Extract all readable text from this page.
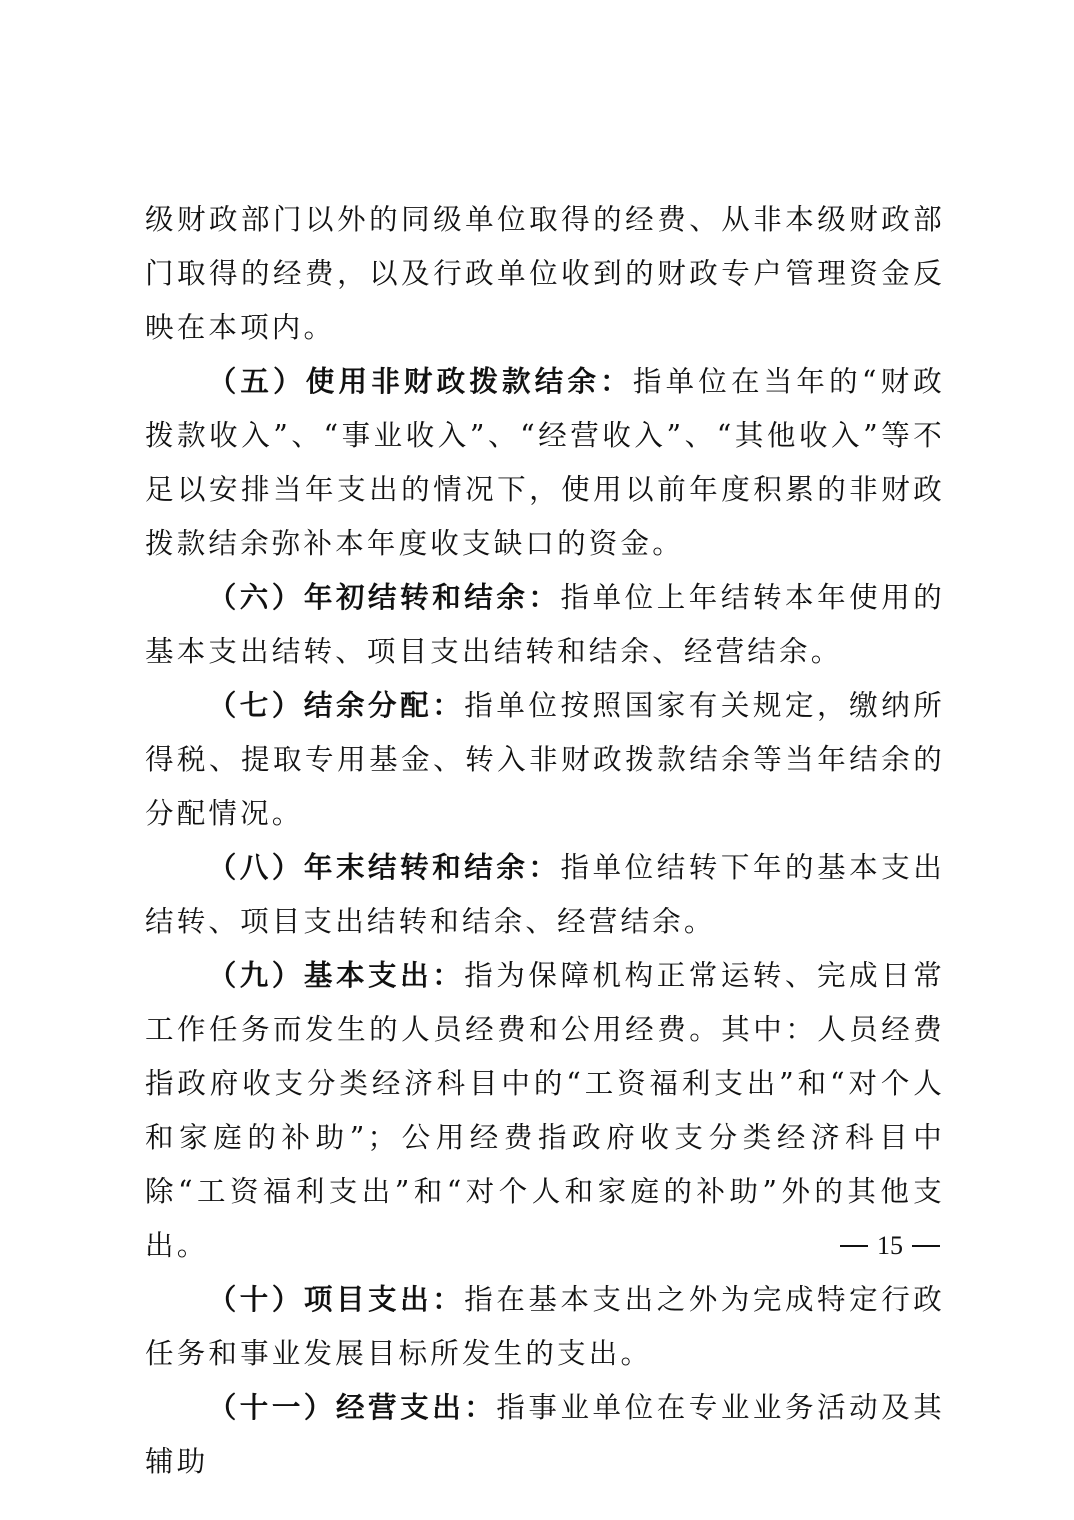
级财政部门以外的同级单位取得的经费、从非本级财政部门取得的经费，以及行政单位收到的财政专户管理资金反映在本项内。

（五）使用非财政拨款结余：指单位在当年的“财政拨款收入”、“事业收入”、“经营收入”、“其他收入”等不足以安排当年支出的情况下，使用以前年度积累的非财政拨款结余弥补本年度收支缺口的资金。

（六）年初结转和结余：指单位上年结转本年使用的基本支出结转、项目支出结转和结余、经营结余。

（七）结余分配：指单位按照国家有关规定，缴纳所得税、提取专用基金、转入非财政拨款结余等当年结余的分配情况。

（八）年末结转和结余：指单位结转下年的基本支出结转、项目支出结转和结余、经营结余。

（九）基本支出：指为保障机构正常运转、完成日常工作任务而发生的人员经费和公用经费。其中：人员经费指政府收支分类经济科目中的“工资福利支出”和“对个人和家庭的补助”；公用经费指政府收支分类经济科目中除“工资福利支出”和“对个人和家庭的补助”外的其他支出。

（十）项目支出：指在基本支出之外为完成特定行政任务和事业发展目标所发生的支出。

（十一）经营支出：指事业单位在专业业务活动及其辅助

15
